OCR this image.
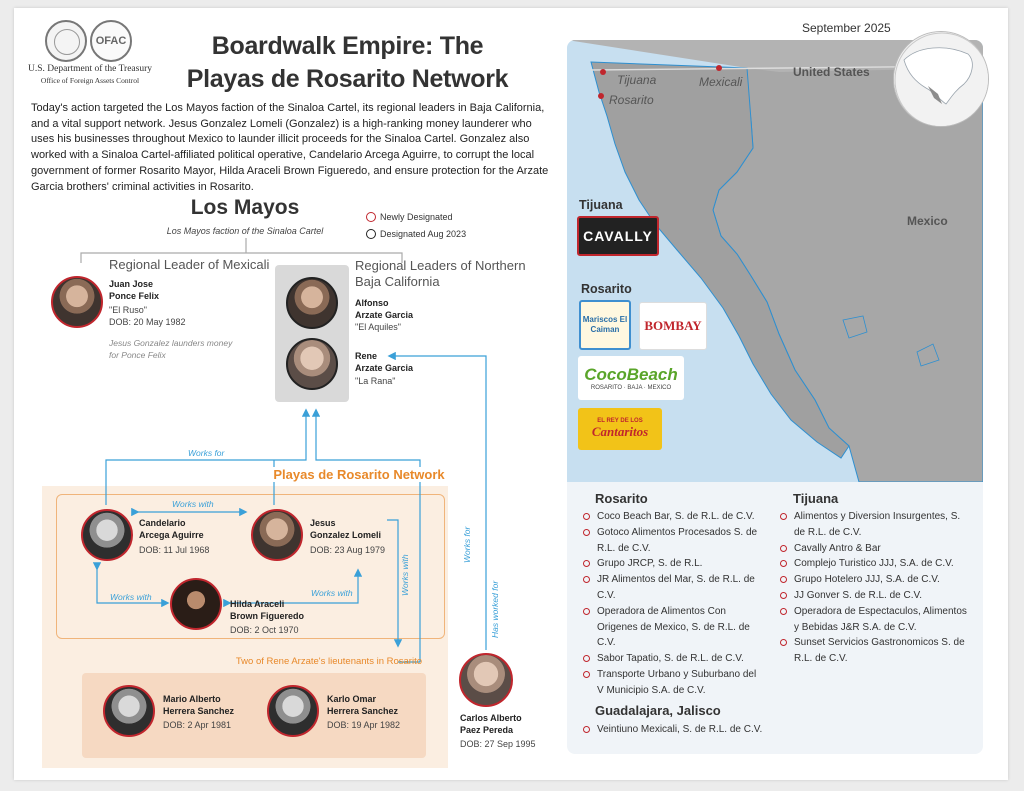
OFAC
U.S. Department of the Treasury
Office of Foreign Assets Control
Boardwalk Empire: The Playas de Rosarito Network
Today's action targeted the Los Mayos faction of the Sinaloa Cartel, its regional leaders in Baja California, and a vital support network. Jesus Gonzalez Lomeli (Gonzalez) is a high-ranking money launderer who uses his businesses throughout Mexico to launder illicit proceeds for the Sinaloa Cartel. Gonzalez also worked with a Sinaloa Cartel-affiliated political operative, Candelario Arcega Aguirre, to corrupt the local government of former Rosarito Mayor, Hilda Araceli Brown Figueredo, and ensure protection for the Arzate Garcia brothers' criminal activities in Rosarito.
Los Mayos
Los Mayos faction of the Sinaloa Cartel
Newly Designated
Designated Aug 2023
Regional Leader of Mexicali
Juan Jose
Ponce Felix
"El Ruso"
DOB: 20 May 1982
Jesus Gonzalez launders money
for Ponce Felix
Regional Leaders of Northern
Baja California
Alfonso
Arzate Garcia
"El Aquiles"
Rene
Arzate Garcia
"La Rana"
Playas de Rosarito Network
Works for
Works with
Works with	Works with	Works with
Works for
Has worked for
Candelario
Arcega Aguirre
DOB: 11 Jul 1968
Jesus
Gonzalez Lomeli
DOB: 23 Aug 1979
Hilda Araceli
Brown Figueredo
DOB: 2 Oct 1970
Two of Rene Arzate's lieutenants in Rosarito
Mario Alberto
Herrera Sanchez
DOB: 2 Apr 1981
Karlo Omar
Herrera Sanchez
DOB: 19 Apr 1982
Carlos Alberto
Paez Pereda
DOB: 27 Sep 1995
September 2025
United States
Mexico
Tijuana
Rosarito
Mexicali
Tijuana
CAVALLY
Rosarito
Mariscos El Caiman	BOMBAY
CocoBeach
ROSARITO · BAJA · MEXICO
EL REY DE LOS
Cantaritos
Rosarito
Coco Beach Bar, S. de R.L. de C.V.
Gotoco Alimentos Procesados S. de R.L. de C.V.
Grupo JRCP, S. de R.L.
JR Alimentos del Mar, S. de R.L. de C.V.
Operadora de Alimentos Con Origenes de Mexico, S. de R.L. de C.V.
Sabor Tapatio, S. de R.L. de C.V.
Transporte Urbano y Suburbano del V Municipio S.A. de C.V.
Guadalajara, Jalisco
Veintiuno Mexicali, S. de R.L. de C.V.
Tijuana
Alimentos y Diversion Insurgentes, S. de R.L. de C.V.
Cavally Antro & Bar
Complejo Turistico JJJ, S.A. de C.V.
Grupo Hotelero JJJ, S.A. de C.V.
JJ Gonver S. de R.L. de C.V.
Operadora de Espectaculos, Alimentos y Bebidas J&R S.A. de C.V.
Sunset Servicios Gastronomicos S. de R.L. de C.V.
